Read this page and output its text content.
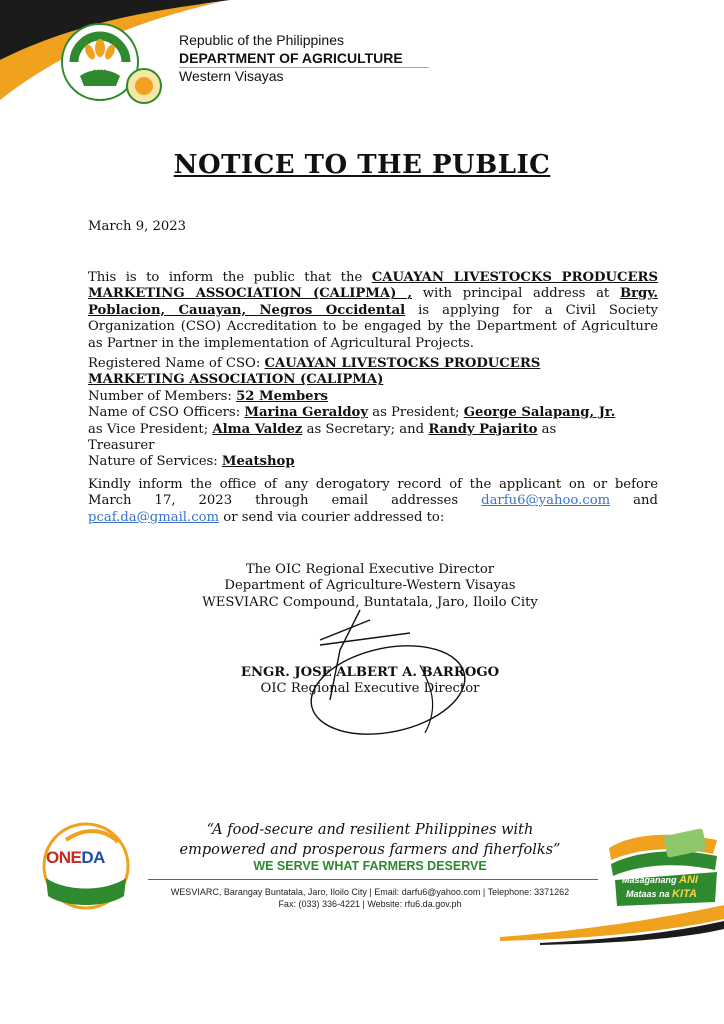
1898
Republic of the Philippines
DEPARTMENT OF AGRICULTURE
Western Visayas
NOTICE TO THE PUBLIC
March 9, 2023
This is to inform the public that the CAUAYAN LIVESTOCKS PRODUCERS MARKETING ASSOCIATION (CALIPMA) , with principal address at Brgy. Poblacion, Cauayan, Negros Occidental is applying for a Civil Society Organization (CSO) Accreditation to be engaged by the Department of Agriculture as Partner in the implementation of Agricultural Projects.
Registered Name of CSO: CAUAYAN LIVESTOCKS PRODUCERS MARKETING ASSOCIATION (CALIPMA)
Number of Members: 52 Members
Name of CSO Officers: Marina Geraldoy as President; George Salapang, Jr. as Vice President; Alma Valdez as Secretary; and Randy Pajarito as Treasurer
Nature of Services: Meatshop
Kindly inform the office of any derogatory record of the applicant on or before March 17, 2023 through email addresses darfu6@yahoo.com and pcaf.da@gmail.com or send via courier addressed to:
The OIC Regional Executive Director
Department of Agriculture-Western Visayas
WESVIARC Compound, Buntatala, Jaro, Iloilo City
ENGR. JOSE ALBERT A. BARROGO
OIC Regional Executive Director
ONEDA
“A food-secure and resilient Philippines with
empowered and prosperous farmers and fiherfolks”
WE SERVE WHAT FARMERS DESERVE
WESVIARC, Barangay Buntatala, Jaro, Iloilo City | Email: darfu6@yahoo.com | Telephone: 3371262
Fax: (033) 336-4221 | Website: rfu6.da.gov.ph
Masaganang ANI
Mataas na KITA
